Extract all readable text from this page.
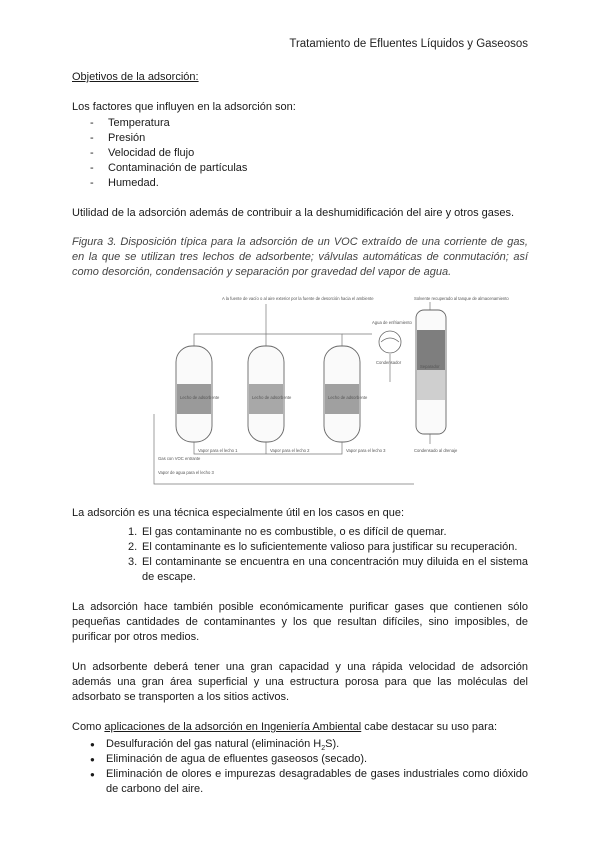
Tratamiento de Efluentes Líquidos y Gaseosos

Objetivos de la adsorción:

Los factores que influyen en la adsorción son:

- Temperatura
- Presión
- Velocidad de flujo
- Contaminación de partículas
- Humedad.

Utilidad de la adsorción además de contribuir a la deshumidificación del aire y otros gases.

Figura 3. Disposición típica para la adsorción de un VOC extraído de una corriente de gas, en la que se utilizan tres lechos de adsorbente; válvulas automáticas de conmutación; así como desorción, condensación y separación por gravedad del vapor de agua.

A la fuente de vacío o al aire exterior por la fuente de desorción hacia el ambiente
Lecho de adsorbente	Lecho de adsorbente	Lecho de adsorbente
Agua de enfriamiento
Condensador
Solvente recuperado al tanque de almacenamiento
Separador
Condensado al drenaje
Vapor para el lecho 1	Vapor para el lecho 2	Vapor para el lecho 3
Gas con VOC entrante
Vapor de agua para el lecho 3

La adsorción es una técnica especialmente útil en los casos en que:

1. El gas contaminante no es combustible, o es difícil de quemar.
2. El contaminante es lo suficientemente valioso para justificar su recuperación.
3. El contaminante se encuentra en una concentración muy diluida en el sistema de escape.

La adsorción hace también posible económicamente purificar gases que contienen sólo pequeñas cantidades de contaminantes y los que resultan difíciles, sino imposibles, de purificar por otros medios.

Un adsorbente deberá tener una gran capacidad y una rápida velocidad de adsorción además una gran área superficial y una estructura porosa para que las moléculas del adsorbato se transporten a los sitios activos.

Como aplicaciones de la adsorción en Ingeniería Ambiental cabe destacar su uso para:

● Desulfuración del gas natural (eliminación $H_2S$).
● Eliminación de agua de efluentes gaseosos (secado).
● Eliminación de olores e impurezas desagradables de gases industriales como dióxido de carbono del aire.
